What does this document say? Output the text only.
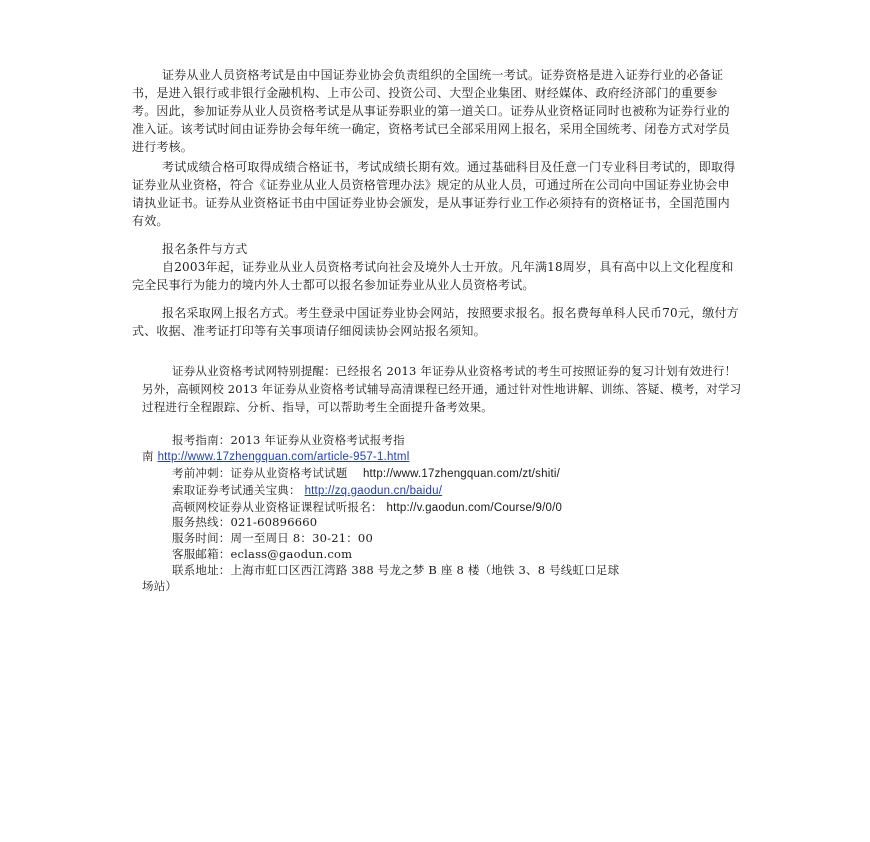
证券从业人员资格考试是由中国证券业协会负责组织的全国统一考试。证券资格是进入证券行业的必备证书，是进入银行或非银行金融机构、上市公司、投资公司、大型企业集团、财经媒体、政府经济部门的重要参考。因此，参加证券从业人员资格考试是从事证券职业的第一道关口。证券从业资格证同时也被称为证券行业的准入证。该考试时间由证券协会每年统一确定，资格考试已全部采用网上报名，采用全国统考、闭卷方式对学员进行考核。
考试成绩合格可取得成绩合格证书，考试成绩长期有效。通过基础科目及任意一门专业科目考试的，即取得证券业从业资格，符合《证券业从业人员资格管理办法》规定的从业人员，可通过所在公司向中国证券业协会申请执业证书。证券从业资格证书由中国证券业协会颁发，是从事证券行业工作必须持有的资格证书，全国范围内有效。
报名条件与方式
自2003年起，证券业从业人员资格考试向社会及境外人士开放。凡年满18周岁，具有高中以上文化程度和完全民事行为能力的境内外人士都可以报名参加证券业从业人员资格考试。
报名采取网上报名方式。考生登录中国证券业协会网站，按照要求报名。报名费每单科人民币70元，缴付方式、收据、准考证打印等有关事项请仔细阅读协会网站报名须知。
证券从业资格考试网特别提醒：已经报名 2013 年证券从业资格考试的考生可按照证券的复习计划有效进行！另外，高顿网校 2013 年证券从业资格考试辅导高清课程已经开通，通过针对性地讲解、训练、答疑、模考，对学习过程进行全程跟踪、分析、指导，可以帮助考生全面提升备考效果。
报考指南：2013 年证券从业资格考试报考指
南 http://www.17zhengquan.com/article-957-1.html
考前冲刺：证券从业资格考试试题 http://www.17zhengquan.com/zt/shiti/
索取证券考试通关宝典： http://zq.gaodun.cn/baidu/
高顿网校证券从业资格证课程试听报名： http://v.gaodun.com/Course/9/0/0
服务热线：021-60896660
服务时间：周一至周日 8：30-21：00
客服邮箱：eclass@gaodun.com
联系地址：上海市虹口区西江湾路 388 号龙之梦 B 座 8 楼（地铁 3、8 号线虹口足球
场站）
